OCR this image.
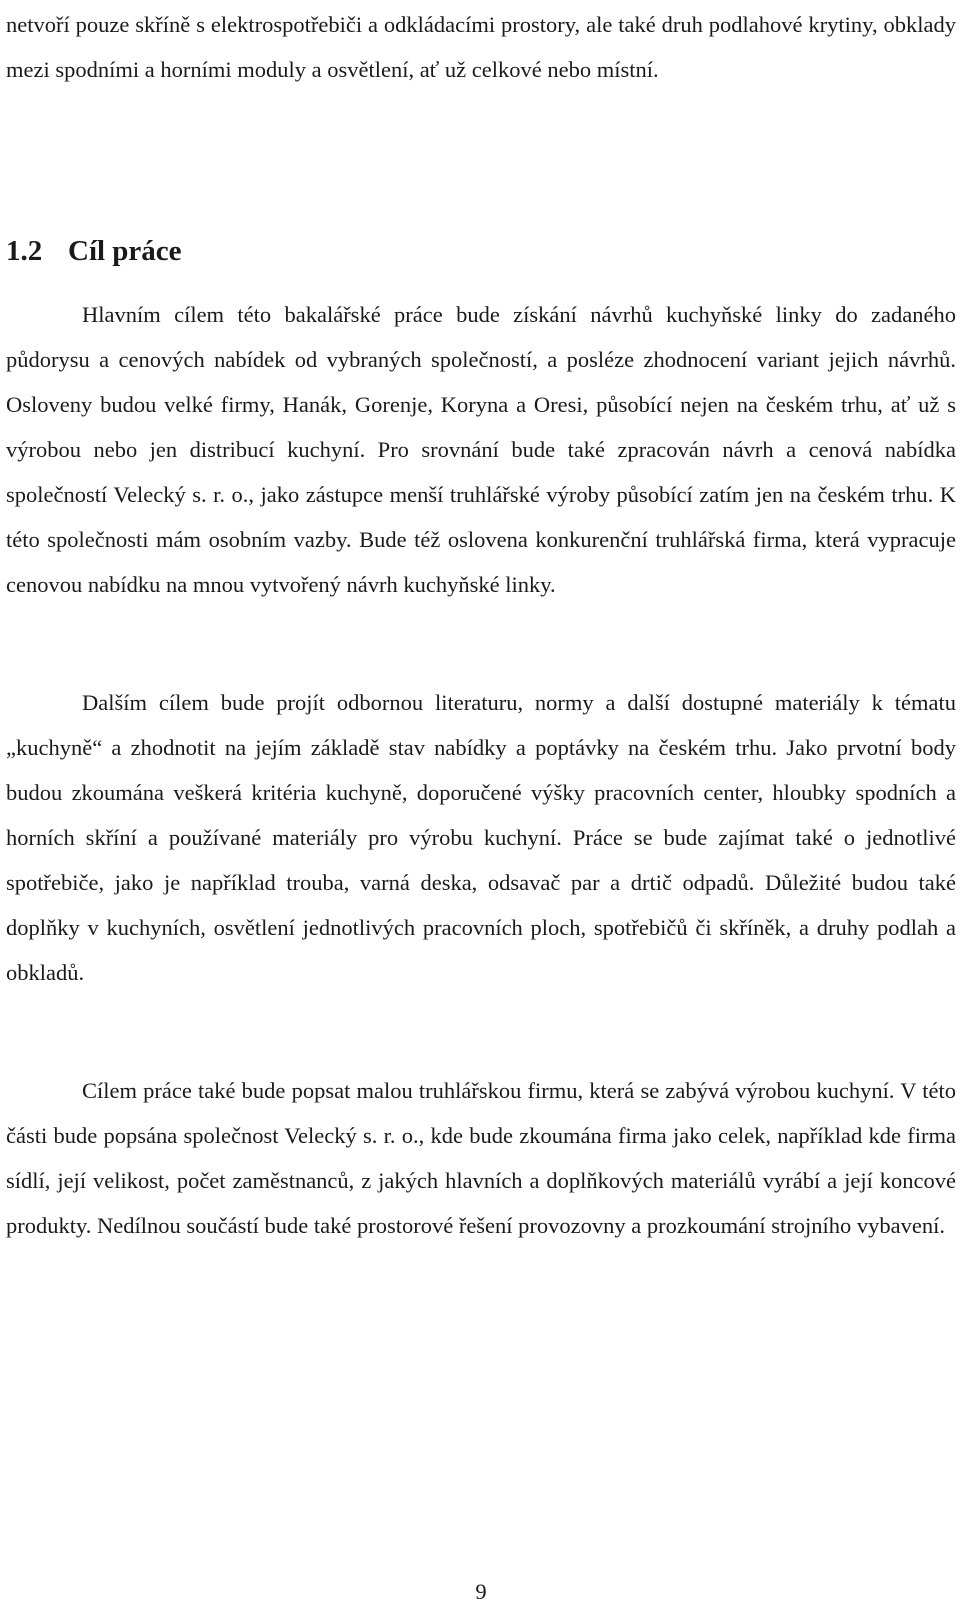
netvoří pouze skříně s elektrospotřebiči a odkládacími prostory, ale také druh podlahové krytiny, obklady mezi spodními a horními moduly a osvětlení, ať už celkové nebo místní.

1.2 Cíl práce

Hlavním cílem této bakalářské práce bude získání návrhů kuchyňské linky do zadaného půdorysu a cenových nabídek od vybraných společností, a posléze zhodnocení variant jejich návrhů. Osloveny budou velké firmy, Hanák, Gorenje, Koryna a Oresi, působící nejen na českém trhu, ať už s výrobou nebo jen distribucí kuchyní. Pro srovnání bude také zpracován návrh a cenová nabídka společností Velecký s. r. o., jako zástupce menší truhlářské výroby působící zatím jen na českém trhu. K této společnosti mám osobním vazby. Bude též oslovena konkurenční truhlářská firma, která vypracuje cenovou nabídku na mnou vytvořený návrh kuchyňské linky.

Dalším cílem bude projít odbornou literaturu, normy a další dostupné materiály k tématu „kuchyně“ a zhodnotit na jejím základě stav nabídky a poptávky na českém trhu. Jako prvotní body budou zkoumána veškerá kritéria kuchyně, doporučené výšky pracovních center, hloubky spodních a horních skříní a používané materiály pro výrobu kuchyní. Práce se bude zajímat také o jednotlivé spotřebiče, jako je například trouba, varná deska, odsavač par a drtič odpadů. Důležité budou také doplňky v kuchyních, osvětlení jednotlivých pracovních ploch, spotřebičů či skříněk, a druhy podlah a obkladů.

Cílem práce také bude popsat malou truhlářskou firmu, která se zabývá výrobou kuchyní. V této části bude popsána společnost Velecký s. r. o., kde bude zkoumána firma jako celek, například kde firma sídlí, její velikost, počet zaměstnanců, z jakých hlavních a doplňkových materiálů vyrábí a její koncové produkty. Nedílnou součástí bude také prostorové řešení provozovny a prozkoumání strojního vybavení.

9
